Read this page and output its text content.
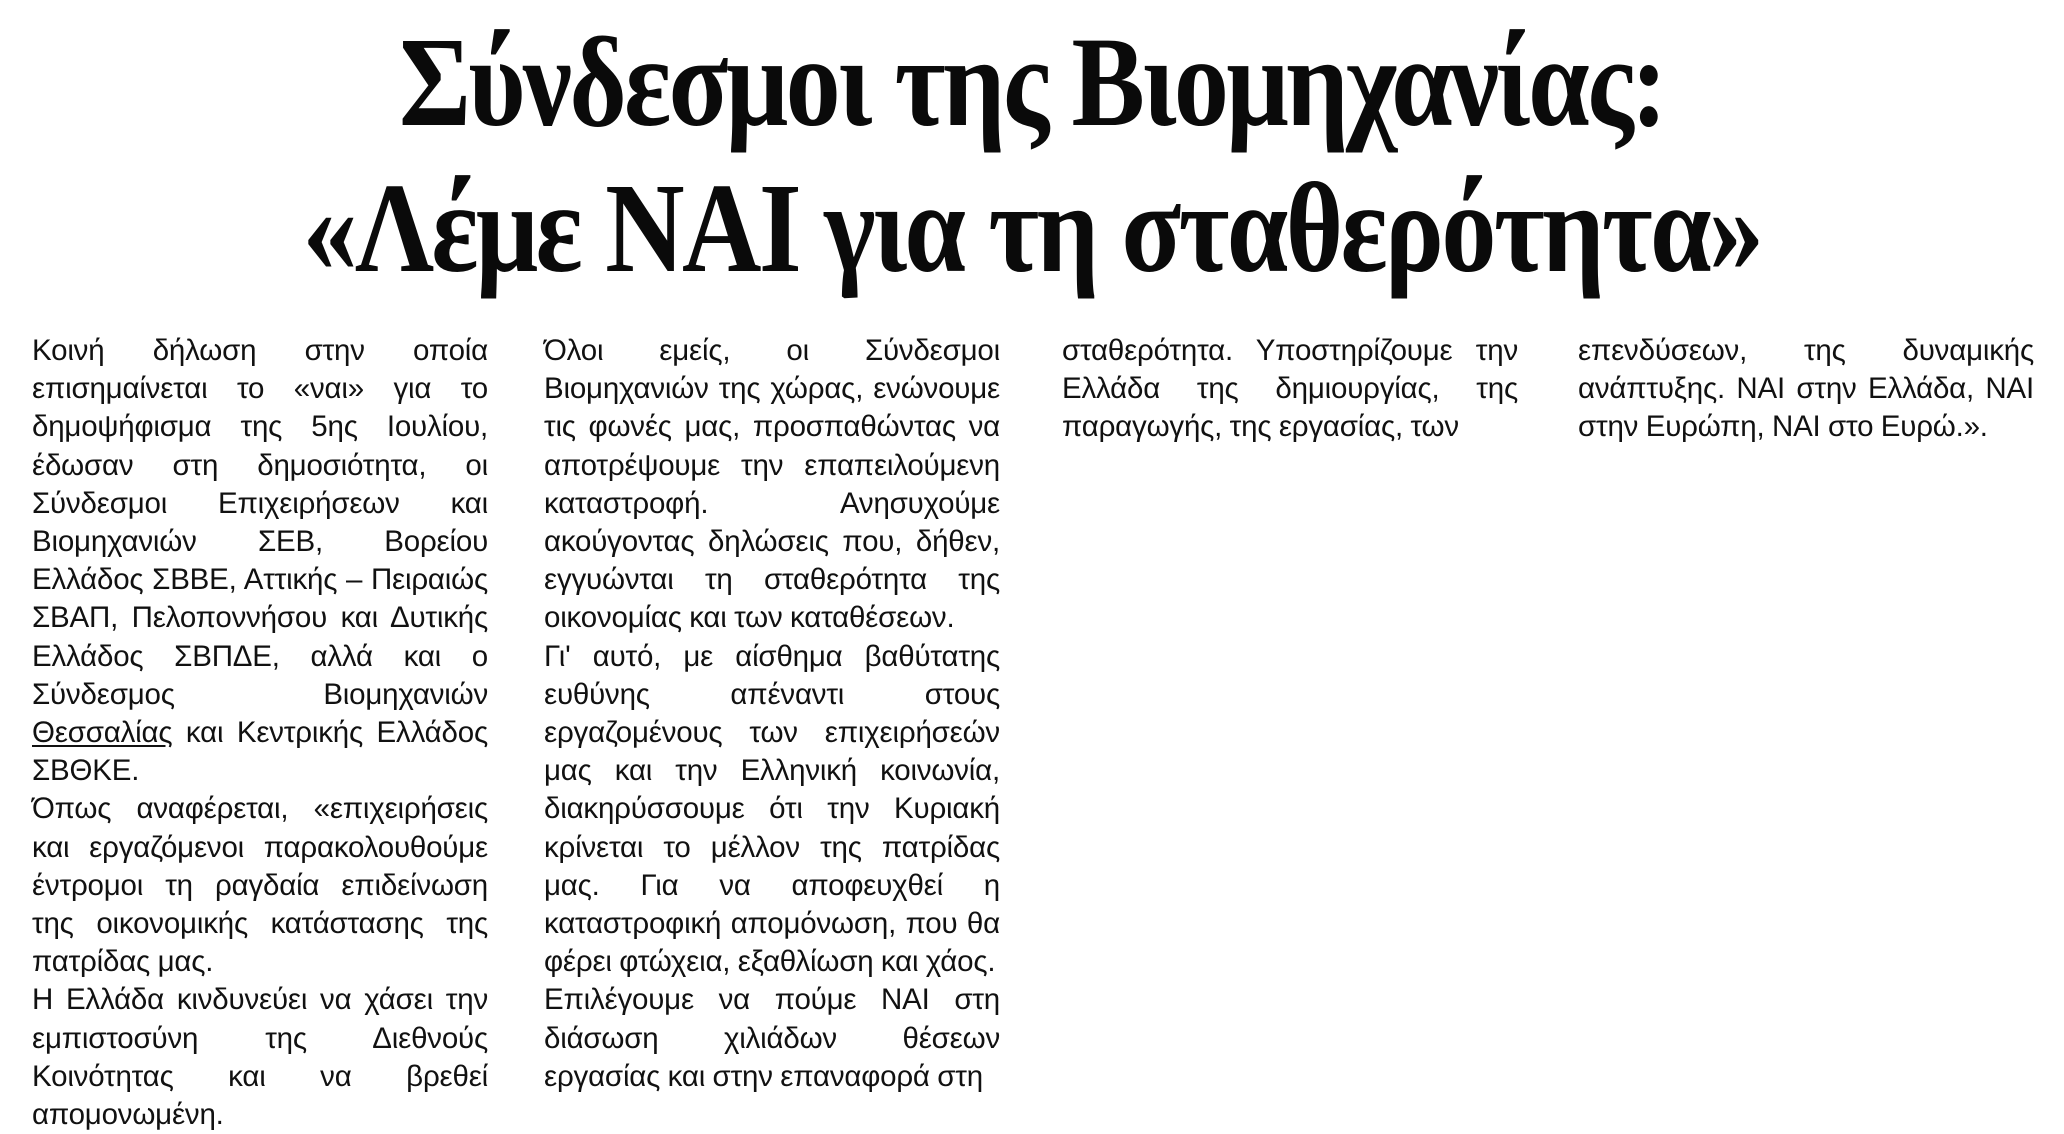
Σύνδεσμοι της Βιομηχανίας:
«Λέμε ΝΑΙ για τη σταθερότητα»

Κοινή δήλωση στην οποία επισημαίνεται το «ναι» για το δημοψήφισμα της 5ης Ιουλίου, έδωσαν στη δημοσιότητα, οι Σύνδεσμοι Επιχειρήσεων και Βιομηχανιών ΣΕΒ, Βορείου Ελλάδος ΣΒΒΕ, Αττικής – Πειραιώς ΣΒΑΠ, Πελοποννήσου και Δυτικής Ελλάδος ΣΒΠΔΕ, αλλά και ο Σύνδεσμος Βιομηχανιών Θεσσαλίας και Κεντρικής Ελλάδος ΣΒΘΚΕ.

Όπως αναφέρεται, «επιχειρήσεις και εργαζόμενοι παρακολουθούμε έντρομοι τη ραγδαία επιδείνωση της οικονομικής κατάστασης της πατρίδας μας.

Η Ελλάδα κινδυνεύει να χάσει την εμπιστοσύνη της Διεθνούς Κοινότητας και να βρεθεί απομονωμένη.

Όλοι εμείς, οι Σύνδεσμοι Βιομηχανιών της χώρας, ενώνουμε τις φωνές μας, προσπαθώντας να αποτρέψουμε την επαπειλούμενη καταστροφή. Ανησυχούμε ακούγοντας δηλώσεις που, δήθεν, εγγυώνται τη σταθερότητα της οικονομίας και των καταθέσεων.

Γι' αυτό, με αίσθημα βαθύτατης ευθύνης απέναντι στους εργαζομένους των επιχειρήσεών μας και την Ελληνική κοινωνία, διακηρύσσουμε ότι την Κυριακή κρίνεται το μέλλον της πατρίδας μας. Για να αποφευχθεί η καταστροφική απομόνωση, που θα φέρει φτώχεια, εξαθλίωση και χάος.

Επιλέγουμε να πούμε ΝΑΙ στη διάσωση χιλιάδων θέσεων εργασίας και στην επαναφορά στη

σταθερότητα. Υποστηρίζουμε την Ελλάδα της δημιουργίας, της παραγωγής, της εργασίας, των

επενδύσεων, της δυναμικής ανάπτυξης. ΝΑΙ στην Ελλάδα, ΝΑΙ στην Ευρώπη, ΝΑΙ στο Ευρώ.».
